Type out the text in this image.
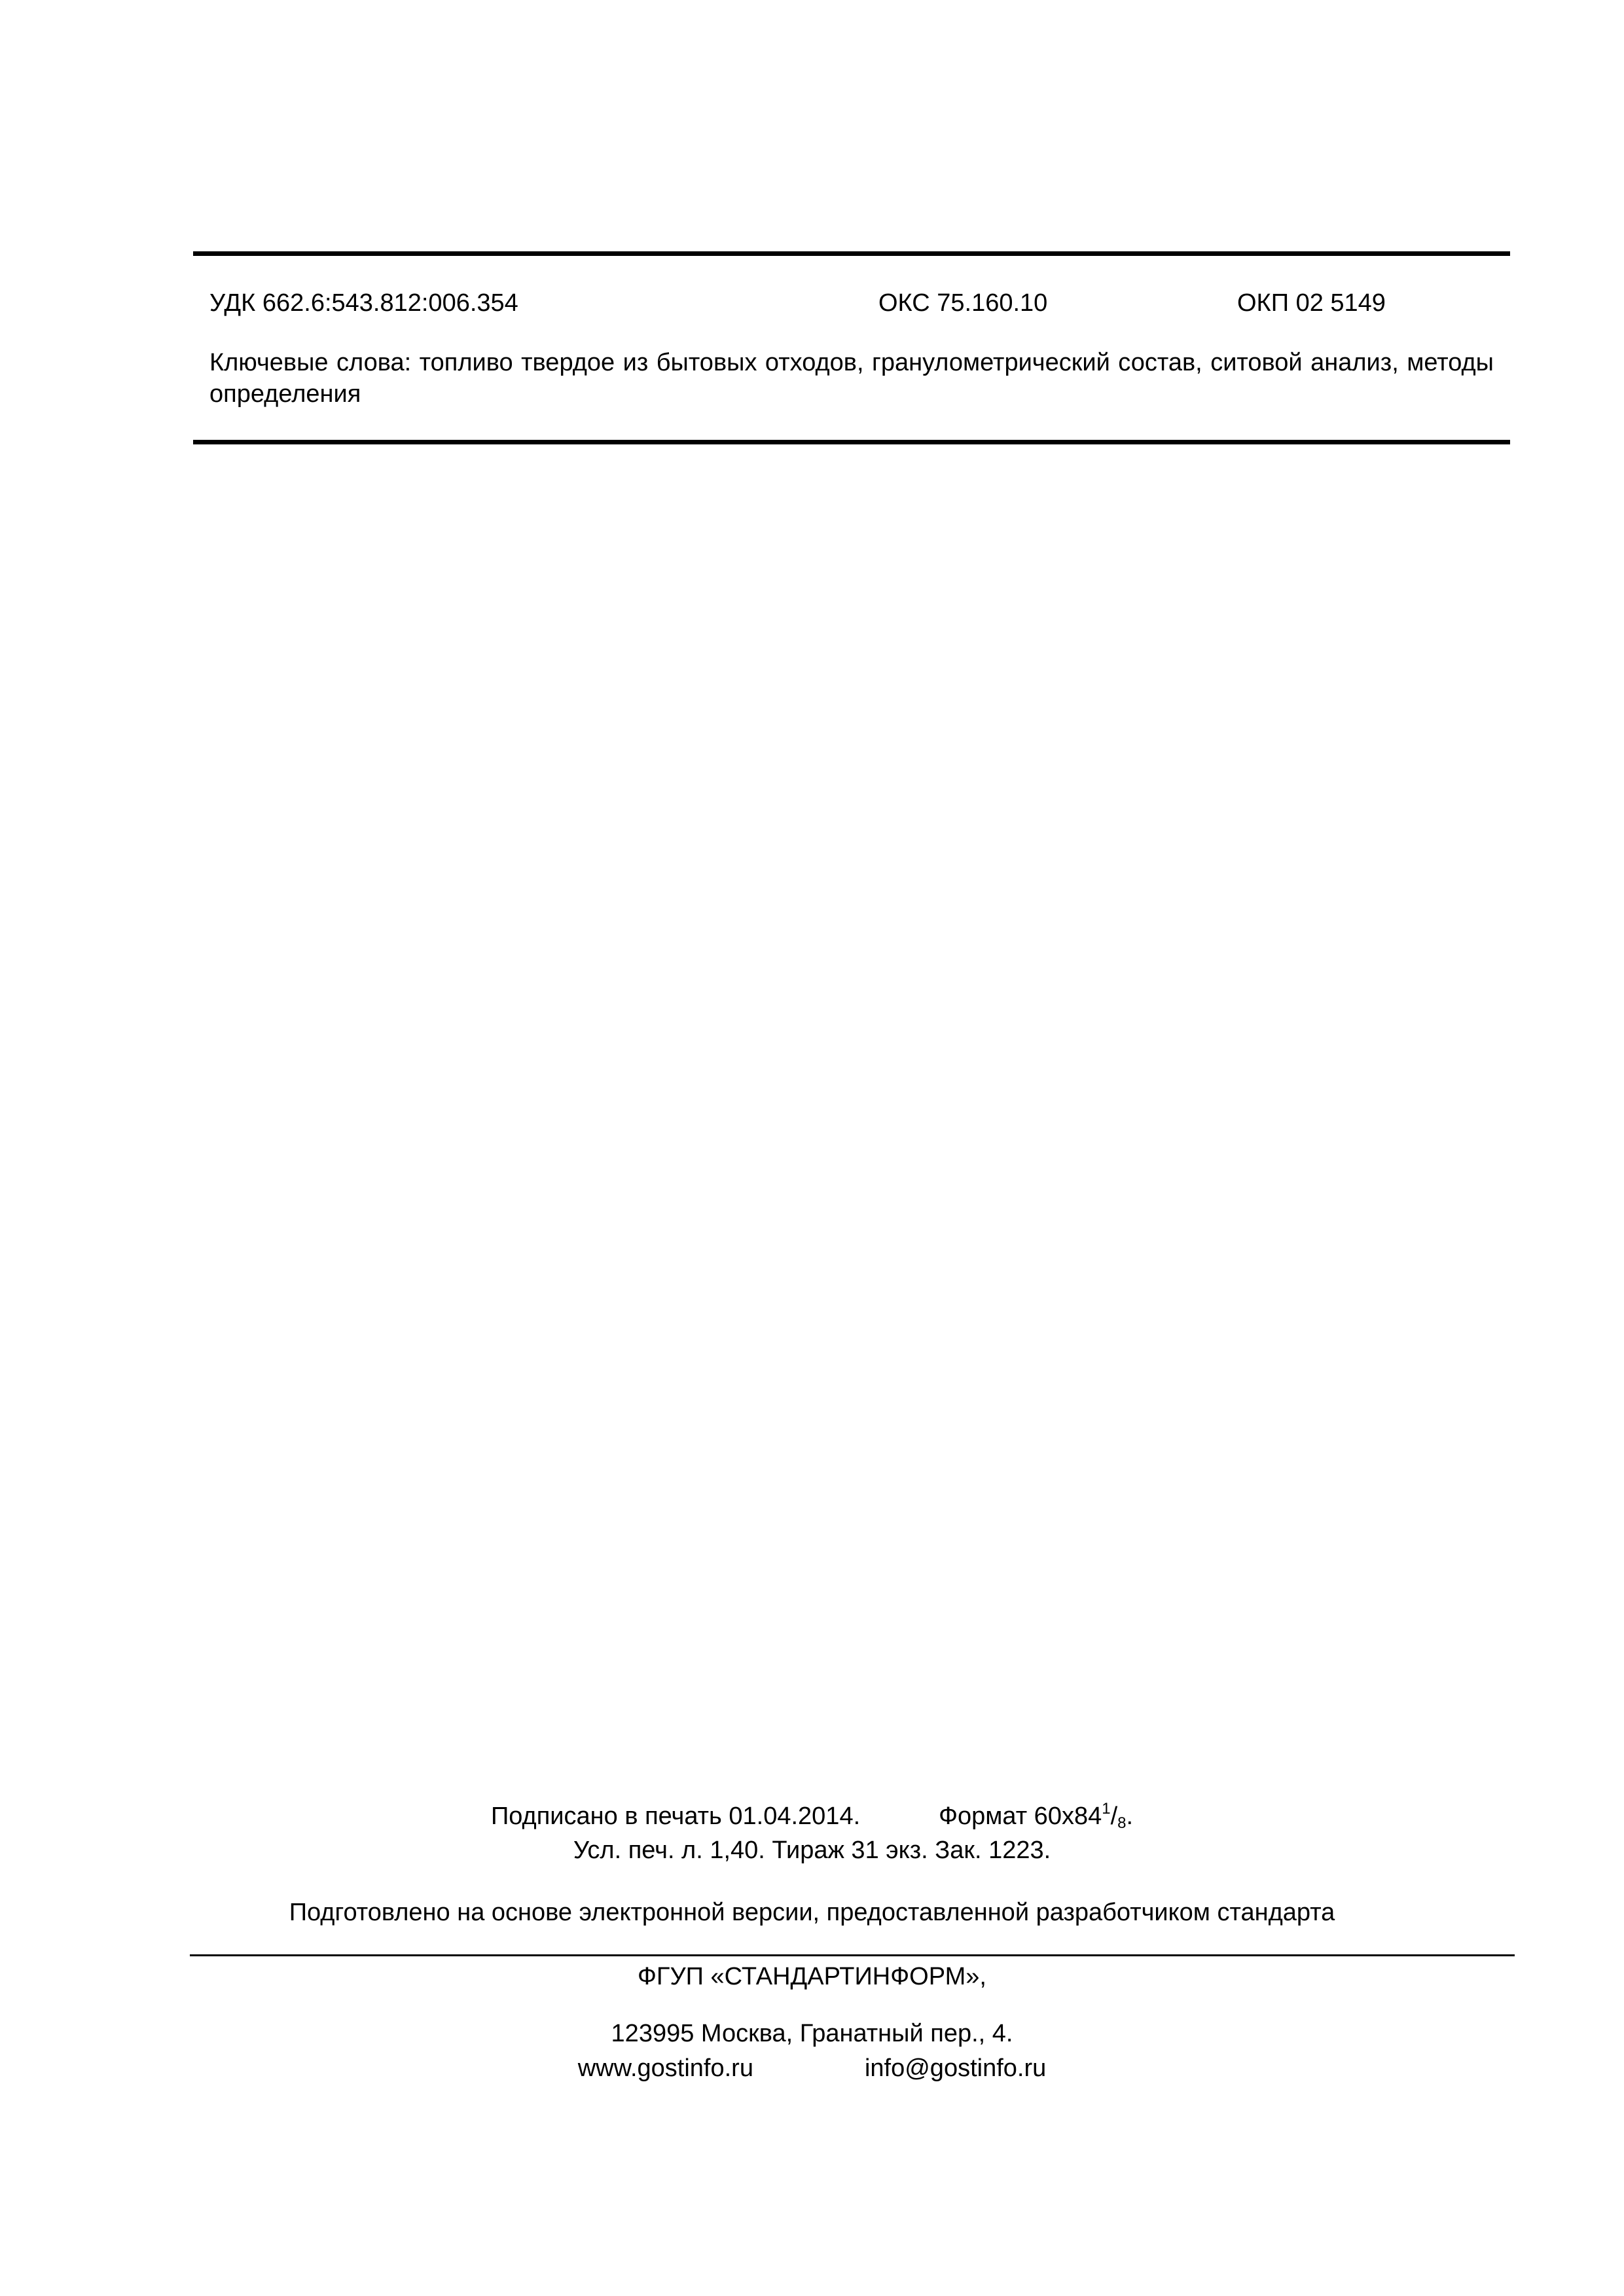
УДК 662.6:543.812:006.354	ОКС 75.160.10	ОКП 02 5149
Ключевые слова: топливо твердое из бытовых отходов, гранулометрический состав, ситовой анализ, методы определения
Подписано в печать 01.04.2014.	Формат $60х84^1/_8$.
Усл. печ. л. 1,40. Тираж 31 экз. Зак. 1223.
Подготовлено на основе электронной версии, предоставленной разработчиком стандарта
ФГУП «СТАНДАРТИНФОРМ»,
123995 Москва, Гранатный пер., 4.
www.gostinfo.ru	info@gostinfo.ru
